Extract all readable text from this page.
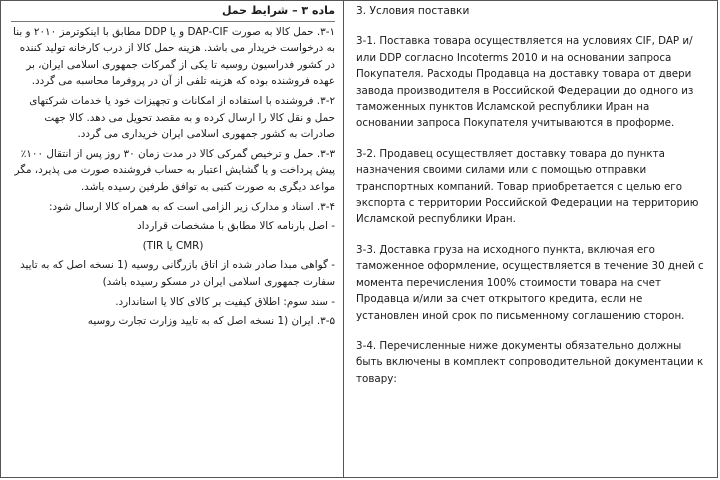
ماده ۳ – شرایط حمل

۳-۱. حمل کالا به صورت DAP-CIF و یا DDP مطابق با اینکوترمز ۲۰۱۰ و بنا به درخواست خریدار می باشد. هزینه حمل کالا از درب کارخانه تولید کننده در کشور فدراسیون روسیه تا یکی از گمرکات جمهوری اسلامی ایران، بر عهده فروشنده بوده که هزینه تلفی از آن در پروفرما محاسبه می گردد.

۳-۲. فروشنده با استفاده از امکانات و تجهیزات خود یا خدمات شرکتهای حمل و نقل کالا را ارسال کرده و به مقصد تحویل می دهد. کالا جهت صادرات به کشور جمهوری اسلامی ایران خریداری می گردد.

۳-۳. حمل و ترخیص گمرکی کالا در مدت زمان ۳۰ روز پس از انتقال ۱۰۰٪ پیش پرداخت و یا گشایش اعتبار به حساب فروشنده صورت می پذیرد، مگر مواعد دیگری به صورت کتبی به توافق طرفین رسیده باشد.

۳-۴. اسناد و مدارک زیر الزامی است که به همراه کالا ارسال شود:

- اصل بارنامه کالا مطابق با مشخصات قرارداد

(CMR یا TIR)

- گواهی مبدا صادر شده از اتاق بازرگانی روسیه (1 نسخه اصل که به تایید سفارت جمهوری اسلامی ایران در مسکو رسیده باشد)

- سند سوم: اطلاق کیفیت بر کالای کالا یا استاندارد.

۳-۵. ایران (1 نسخه اصل که به تایید وزارت تجارت روسیه

3. Условия поставки

3-1. Поставка товара осуществляется на условиях CIF, DAP и/или DDP согласно Incoterms 2010 и на основании запроса Покупателя. Расходы Продавца на доставку товара от двери завода производителя в Российской Федерации до одного из таможенных пунктов Исламской республики Иран на основании запроса Покупателя учитываются в проформе.

3-2. Продавец осуществляет доставку товара до пункта назначения своими силами или с помощью отправки транспортных компаний. Товар приобретается с целью его экспорта с территории Российской Федерации на территорию Исламской республики Иран.

3-3. Доставка груза на исходного пункта, включая его таможенное оформление, осуществляется в течение 30 дней с момента перечисления 100% стоимости товара на счет Продавца и/или за счет открытого кредита, если не установлен иной срок по письменному соглашению сторон.

3-4. Перечисленные ниже документы обязательно должны быть включены в комплект сопроводительной документации к товару:
